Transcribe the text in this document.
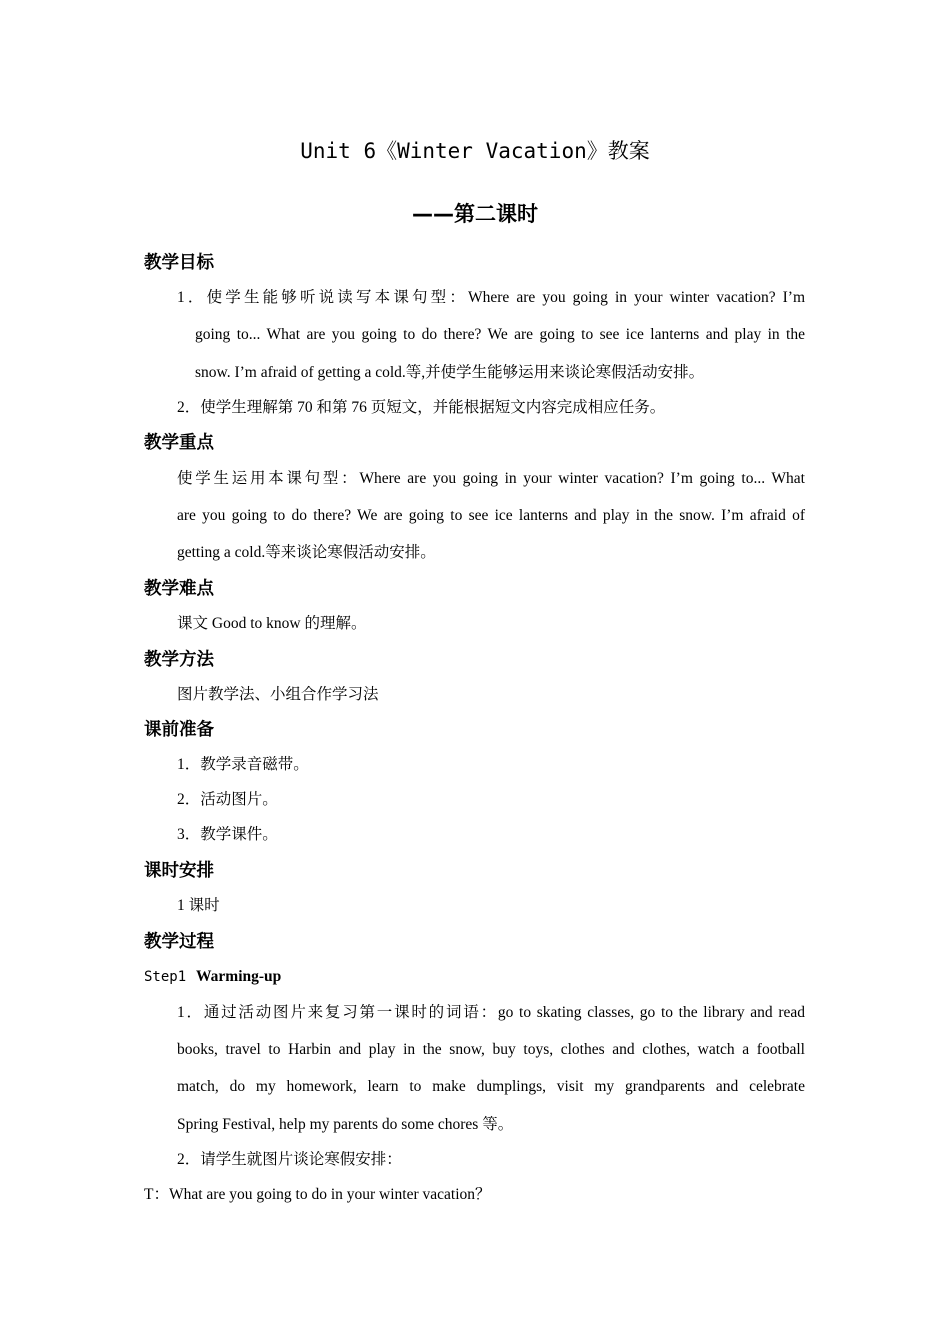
Unit 6《Winter Vacation》教案
——第二课时
教学目标
1．使学生能够听说读写本课句型：Where are you going in your winter vacation? I’m
going to... What are you going to do there? We are going to see ice lanterns and play in the
snow. I’m afraid of getting a cold.等,并使学生能够运用来谈论寒假活动安排。
2．使学生理解第 70 和第 76 页短文，并能根据短文内容完成相应任务。
教学重点
使学生运用本课句型：Where are you going in your winter vacation? I’m going to... What
are you going to do there? We are going to see ice lanterns and play in the snow. I’m afraid of
getting a cold.等来谈论寒假活动安排。
教学难点
课文 Good to know 的理解。
教学方法
图片教学法、小组合作学习法
课前准备
1．教学录音磁带。
2．活动图片。
3．教学课件。
课时安排
1 课时
教学过程
Step1 Warming-up
1．通过活动图片来复习第一课时的词语：go to skating classes, go to the library and read
books, travel to Harbin and play in the snow, buy toys, clothes and clothes, watch a football
match, do my homework, learn to make dumplings, visit my grandparents and celebrate
Spring Festival, help my parents do some chores 等。
2．请学生就图片谈论寒假安排：
T：What are you going to do in your winter vacation？
